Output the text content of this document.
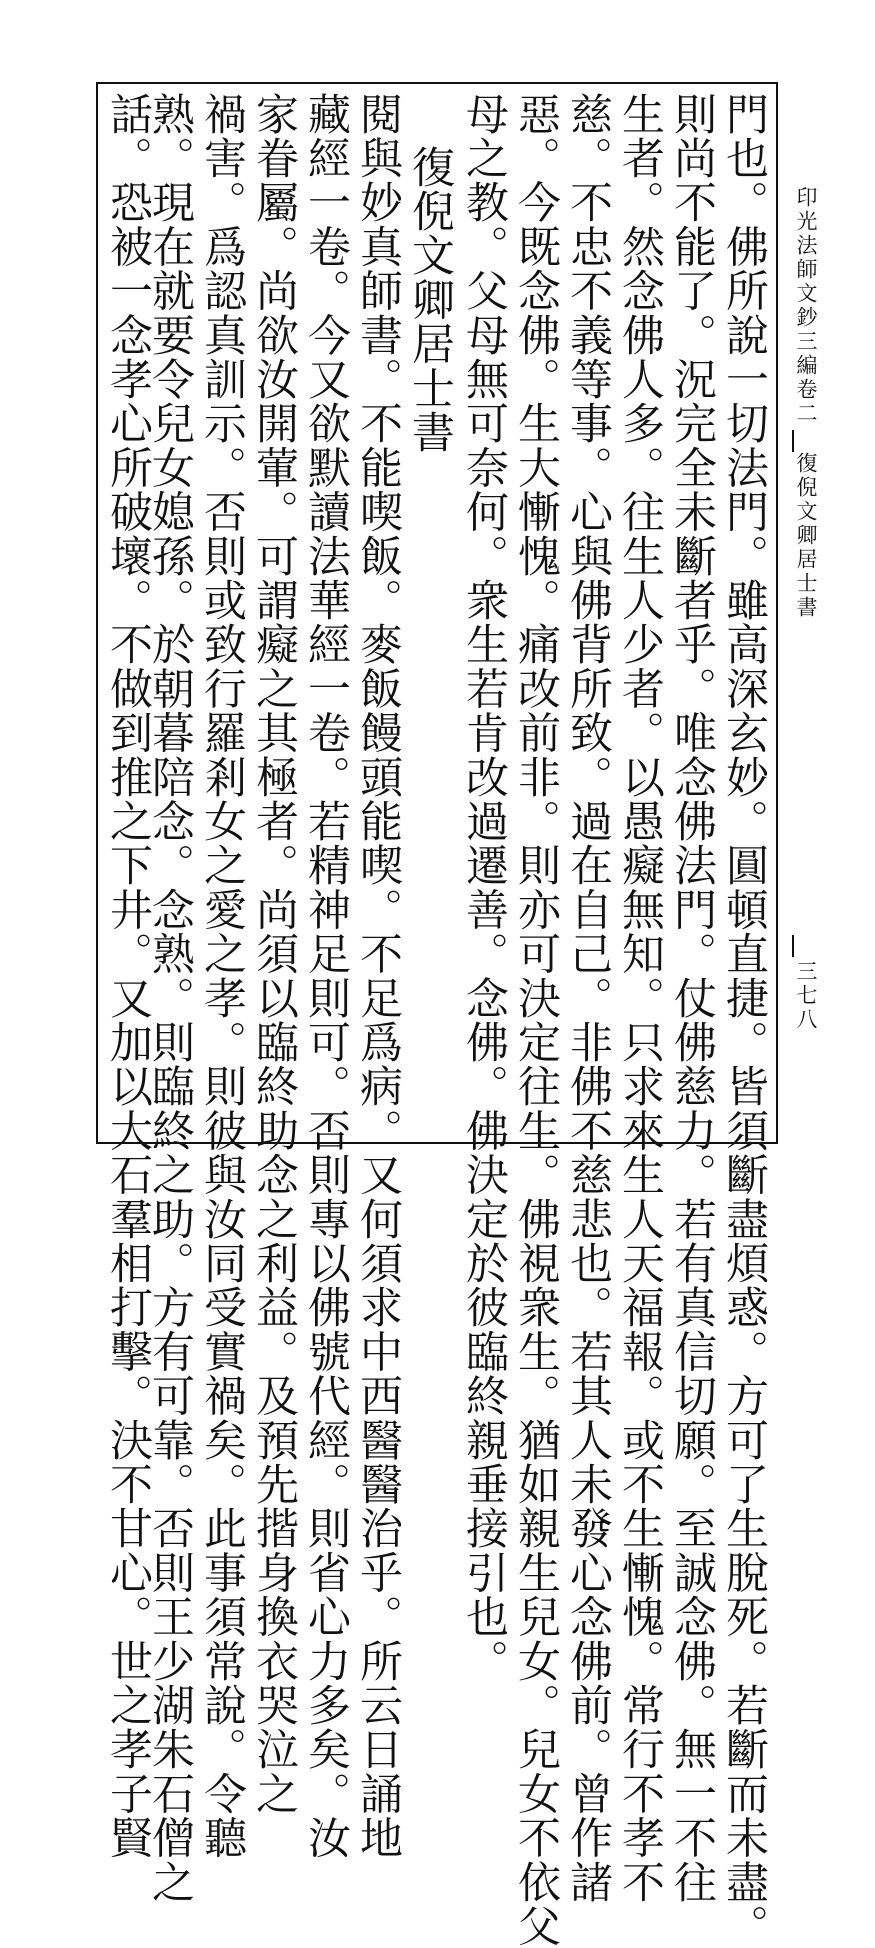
印光法師文鈔三編卷二
復倪文卿居士書
三七八
門也。佛所說一切法門。雖高深玄妙。圓頓直捷。皆須斷盡煩惑。方可了生脫死。若斷而未盡。
則尚不能了。況完全未斷者乎。唯念佛法門。仗佛慈力。若有真信切願。至誠念佛。無一不往
生者。然念佛人多。往生人少者。以愚癡無知。只求來生人天福報。或不生慚愧。常行不孝不
慈。不忠不義等事。心與佛背所致。過在自己。非佛不慈悲也。若其人未發心念佛前。曾作諸
惡。今既念佛。生大慚愧。痛改前非。則亦可決定往生。佛視衆生。猶如親生兒女。兒女不依父
母之教。父母無可奈何。衆生若肯改過遷善。念佛。佛決定於彼臨終親垂接引也。
復倪文卿居士書
閱與妙真師書。不能喫飯。麥飯饅頭能喫。不足爲病。又何須求中西醫醫治乎。所云日誦地
藏經一卷。今又欲默讀法華經一卷。若精神足則可。否則專以佛號代經。則省心力多矣。汝
家眷屬。尚欲汝開葷。可謂癡之其極者。尚須以臨終助念之利益。及預先揩身換衣哭泣之
禍害。爲認真訓示。否則或致行羅剎女之愛之孝。則彼與汝同受實禍矣。此事須常說。令聽
熟。現在就要令兒女媳孫。於朝暮陪念。念熟。則臨終之助。方有可靠。否則王少湖朱石僧之
話。恐被一念孝心所破壞。不做到推之下井。又加以大石羣相打擊。決不甘心。世之孝子賢
